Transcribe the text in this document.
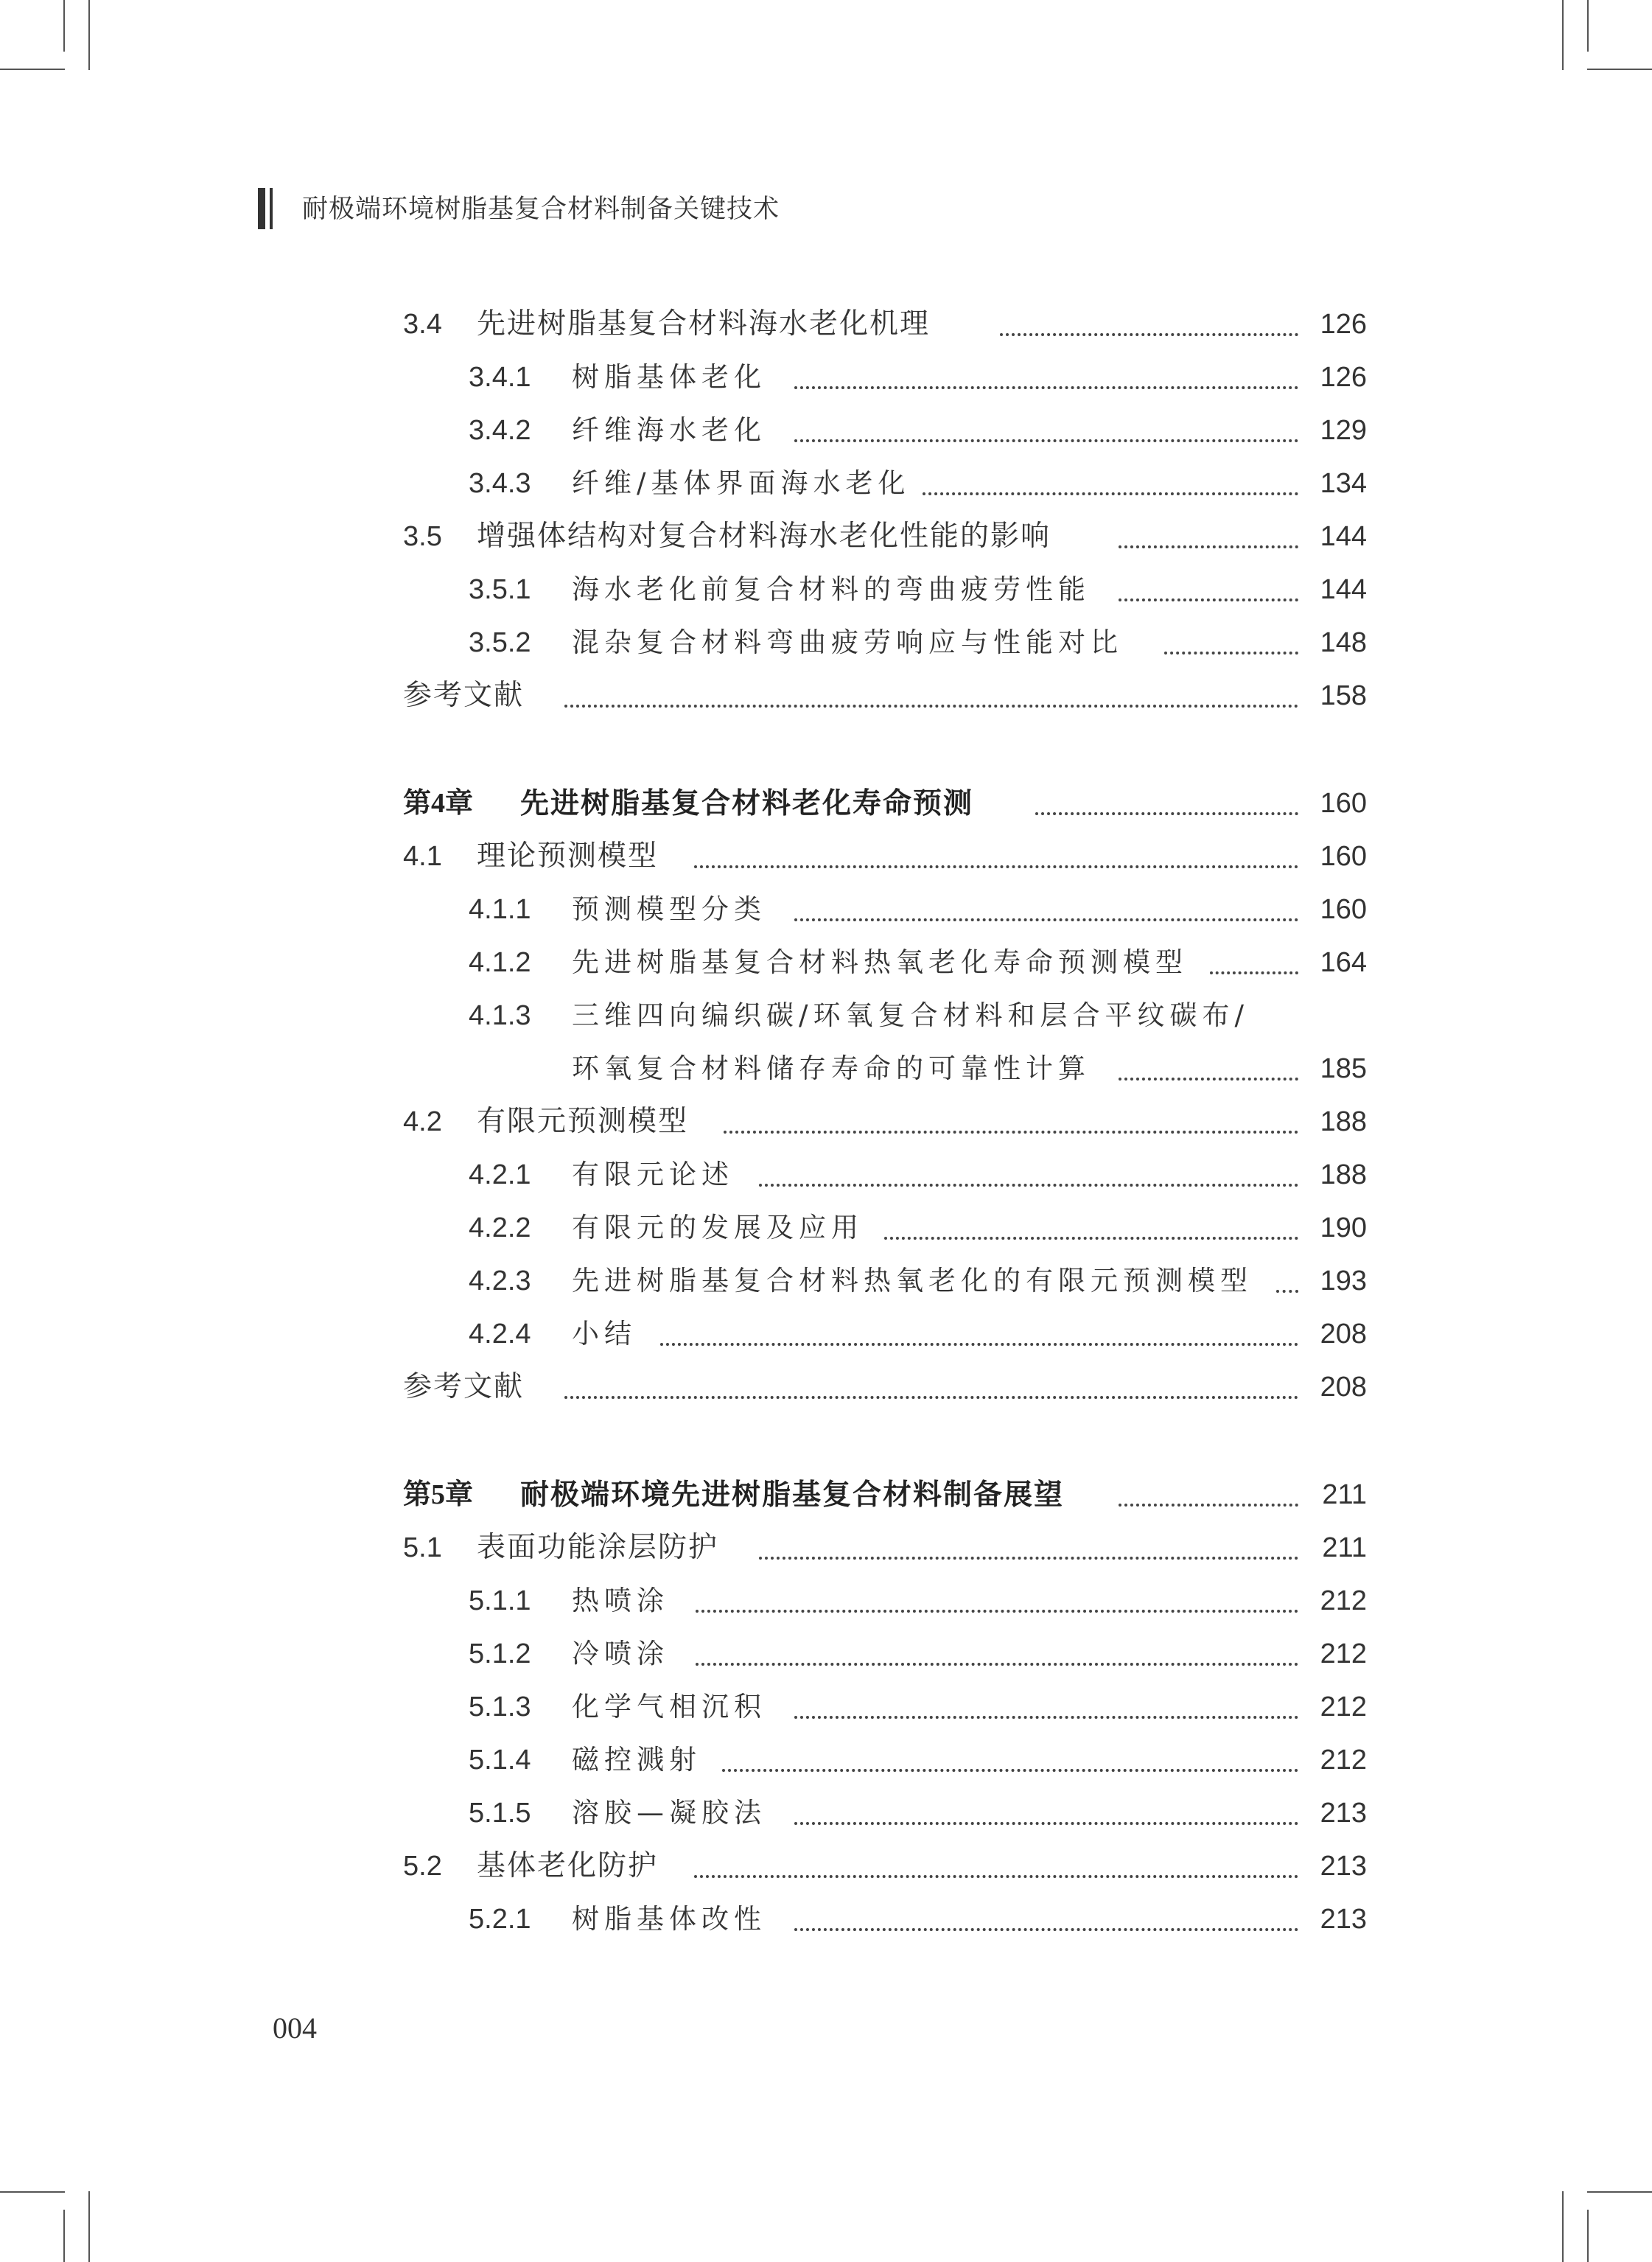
耐极端环境树脂基复合材料制备关键技术
3.4 先进树脂基复合材料海水老化机理	126
3.4.1 树脂基体老化	126
3.4.2 纤维海水老化	129
3.4.3 纤维/基体界面海水老化	134
3.5 增强体结构对复合材料海水老化性能的影响	144
3.5.1 海水老化前复合材料的弯曲疲劳性能	144
3.5.2 混杂复合材料弯曲疲劳响应与性能对比	148
参考文献	158
第4章 先进树脂基复合材料老化寿命预测	160
4.1 理论预测模型	160
4.1.1 预测模型分类	160
4.1.2 先进树脂基复合材料热氧老化寿命预测模型	164
4.1.3 三维四向编织碳/环氧复合材料和层合平纹碳布/
环氧复合材料储存寿命的可靠性计算	185
4.2 有限元预测模型	188
4.2.1 有限元论述	188
4.2.2 有限元的发展及应用	190
4.2.3 先进树脂基复合材料热氧老化的有限元预测模型 193
4.2.4 小结	208
参考文献	208
第5章 耐极端环境先进树脂基复合材料制备展望	211
5.1 表面功能涂层防护	211
5.1.1 热喷涂	212
5.1.2 冷喷涂	212
5.1.3 化学气相沉积	212
5.1.4 磁控溅射	212
5.1.5 溶胶—凝胶法	213
5.2 基体老化防护	213
5.2.1 树脂基体改性	213
004
